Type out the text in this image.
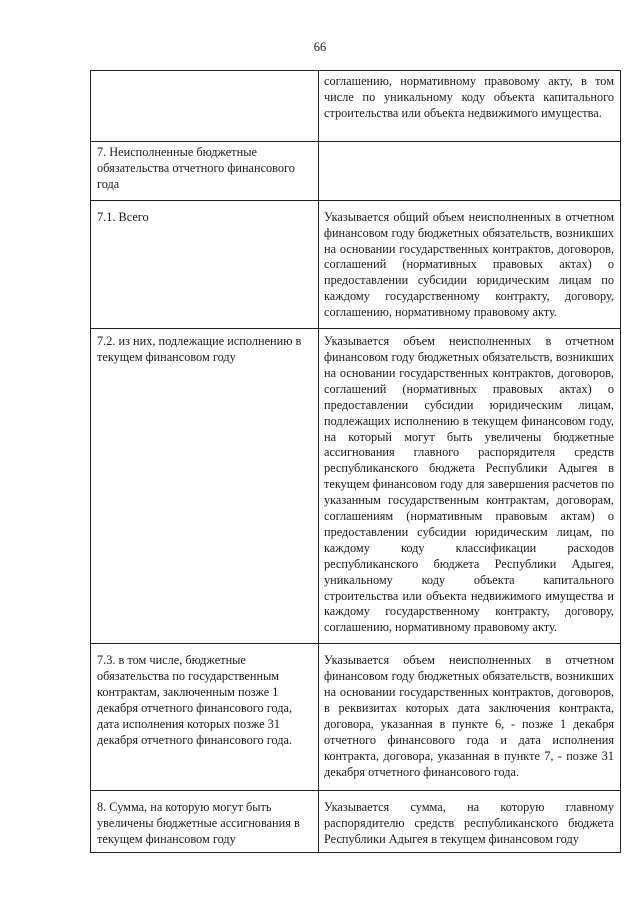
66
	соглашению, нормативному правовому акту, в том числе по уникальному коду объекта капитального строительства или объекта недвижимого имущества.
7. Неисполненные бюджетные обязательства отчетного финансового года	
7.1. Всего	Указывается общий объем неисполненных в отчетном финансовом году бюджетных обязательств, возникших на основании государственных контрактов, договоров, соглашений (нормативных правовых актах) о предоставлении субсидии юридическим лицам по каждому государственному контракту, договору, соглашению, нормативному правовому акту.
7.2. из них, подлежащие исполнению в текущем финансовом году	Указывается объем неисполненных в отчетном финансовом году бюджетных обязательств, возникших на основании государственных контрактов, договоров, соглашений (нормативных правовых актах) о предоставлении субсидии юридическим лицам, подлежащих исполнению в текущем финансовом году, на который могут быть увеличены бюджетные ассигнования главного распорядителя средств республиканского бюджета Республики Адыгея в текущем финансовом году для завершения расчетов по указанным государственным контрактам, договорам, соглашениям (нормативным правовым актам) о предоставлении субсидии юридическим лицам, по каждому коду классификации расходов республиканского бюджета Республики Адыгея, уникальному коду объекта капитального строительства или объекта недвижимого имущества и каждому государственному контракту, договору, соглашению, нормативному правовому акту.
7.3. в том числе, бюджетные обязательства по государственным контрактам, заключенным позже 1 декабря отчетного финансового года, дата исполнения которых позже 31 декабря отчетного финансового года.	Указывается объем неисполненных в отчетном финансовом году бюджетных обязательств, возникших на основании государственных контрактов, договоров, в реквизитах которых дата заключения контракта, договора, указанная в пункте 6, - позже 1 декабря отчетного финансового года и дата исполнения контракта, договора, указанная в пункте 7, - позже 31 декабря отчетного финансового года.
8. Сумма, на которую могут быть увеличены бюджетные ассигнования в текущем финансовом году	Указывается сумма, на которую главному распорядителю средств республиканского бюджета Республики Адыгея в текущем финансовом году
